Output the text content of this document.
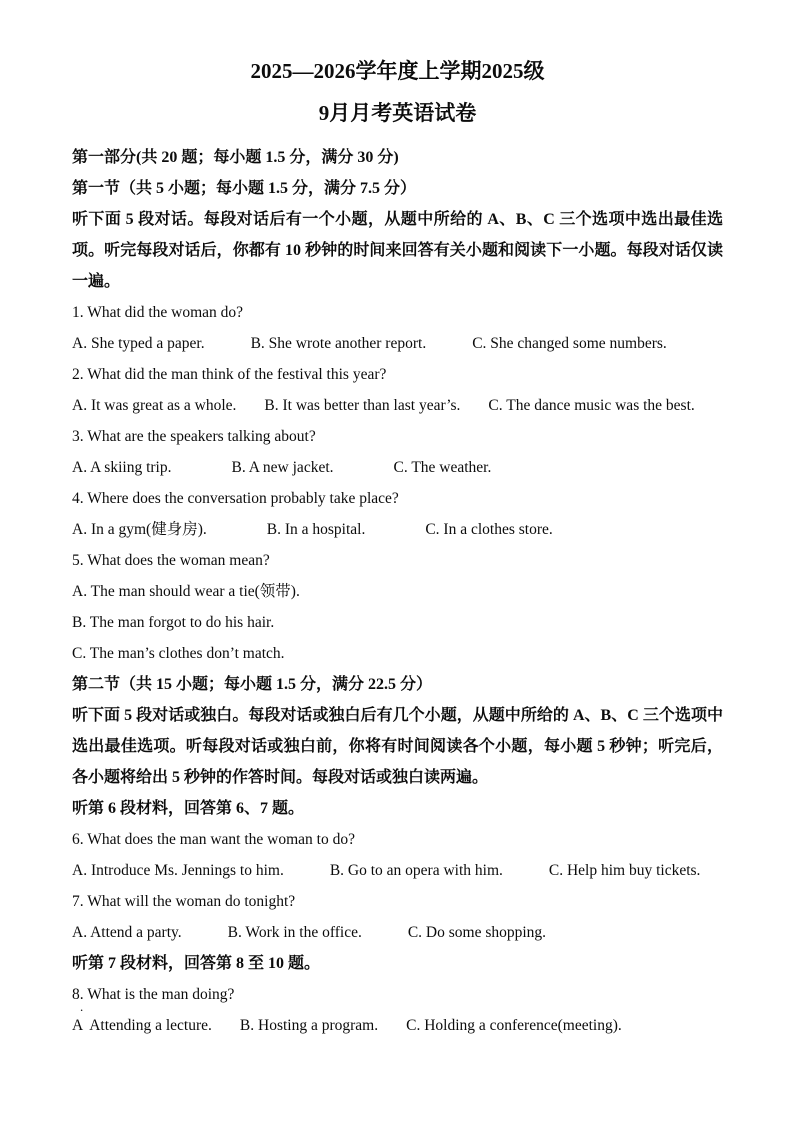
2025—2026学年度上学期2025级

9月月考英语试卷

第一部分(共 20 题；每小题 1.5 分，满分 30 分)

第一节（共 5 小题；每小题 1.5 分，满分 7.5 分）

听下面 5 段对话。每段对话后有一个小题，从题中所给的 A、B、C 三个选项中选出最佳选项。听完每段对话后，你都有 10 秒钟的时间来回答有关小题和阅读下一小题。每段对话仅读一遍。

1. What did the woman do?

A. She typed a paper.	B. She wrote another report.	C. She changed some numbers.

2. What did the man think of the festival this year?

A. It was great as a whole. B. It was better than last year’s. C. The dance music was the best.

3. What are the speakers talking about?

A. A skiing trip.	B. A new jacket.	C. The weather.

4. Where does the conversation probably take place?

A. In a gym(健身房).	B. In a hospital.	C. In a clothes store.

5. What does the woman mean?

A. The man should wear a tie(领带).
B. The man forgot to do his hair.
C. The man’s clothes don’t match.

第二节（共 15 小题；每小题 1.5 分，满分 22.5 分）

听下面 5 段对话或独白。每段对话或独白后有几个小题，从题中所给的 A、B、C 三个选项中选出最佳选项。听每段对话或独白前，你将有时间阅读各个小题，每小题 5 秒钟；听完后，各小题将给出 5 秒钟的作答时间。每段对话或独白读两遍。

听第 6 段材料，回答第 6、7 题。

6. What does the man want the woman to do?

A. Introduce Ms. Jennings to him.	B. Go to an opera with him.	C. Help him buy tickets.

7. What will the woman do tonight?

A. Attend a party.	B. Work in the office.	C. Do some shopping.

听第 7 段材料，回答第 8 至 10 题。

8. What is the man doing?

A  Attending a lecture. B. Hosting a program. C. Holding a conference(meeting).

.
